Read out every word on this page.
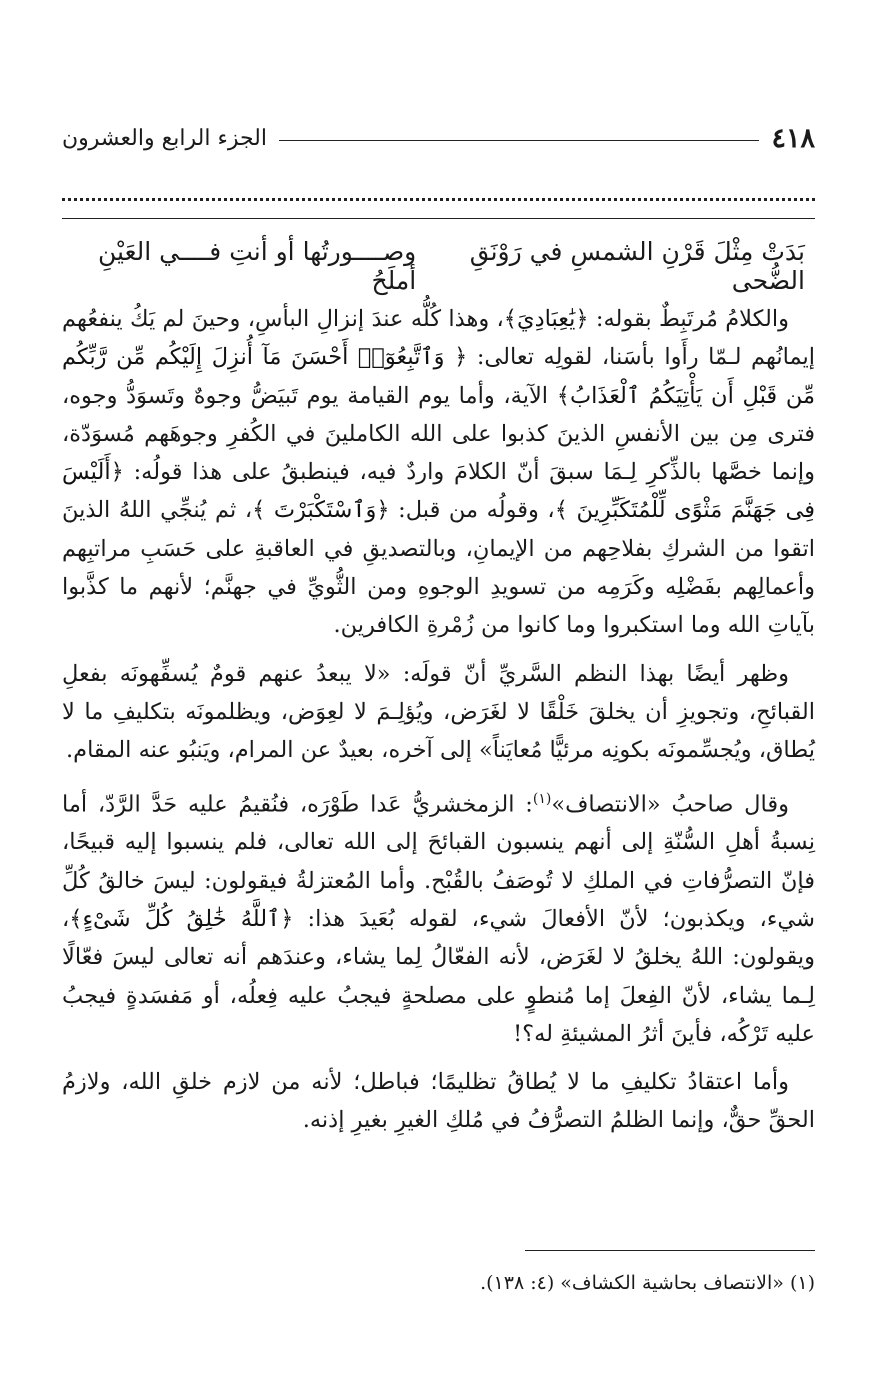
٤١٨
الجزء الرابع والعشرون
بَدَتْ مِثْلَ قَرْنِ الشمسِ في رَوْنَقِ الضُّحى
وصــــورتُها أو أنتِ فــــي العَيْنِ أملَحُ

والكلامُ مُرتَبِطٌ بقوله: ﴿يَٰعِبَادِيَ﴾، وهذا كُلُّه عندَ إنزالِ البأسِ، وحينَ لم يَكُ ينفعُهم إيمانُهم لـمّا رأَوا بأسَنا، لقولِه تعالى: ﴿ وَٱتَّبِعُوٓا۟ أَحْسَنَ مَآ أُنزِلَ إِلَيْكُم مِّن رَّبِّكُم مِّن قَبْلِ أَن يَأْتِيَكُمُ ٱلْعَذَابُ﴾ الآية، وأما يوم القيامة يوم تَبيَضُّ وجوهٌ وتَسوَدُّ وجوه، فترى مِن بين الأنفسِ الذينَ كذبوا على الله الكاملينَ في الكُفرِ وجوهَهم مُسوَدّة، وإنما خصَّها بالذِّكرِ لِـمَا سبقَ أنّ الكلامَ واردٌ فيه، فينطبقُ على هذا قولُه: ﴿أَلَيْسَ فِى جَهَنَّمَ مَثْوًى لِّلْمُتَكَبِّرِينَ ﴾، وقولُه من قبل: ﴿وَٱسْتَكْبَرْتَ ﴾، ثم يُنجِّي اللهُ الذينَ اتقوا من الشركِ بفلاحِهم من الإيمانِ، وبالتصديقِ في العاقبةِ على حَسَبِ مراتبِهم وأعمالِهم بفَضْلِه وكَرَمِه من تسويدِ الوجوهِ ومن الثُّويِّ في جهنَّم؛ لأنهم ما كذَّبوا بآياتِ الله وما استكبروا وما كانوا من زُمْرةِ الكافرين.

وظهر أيضًا بهذا النظم السَّريِّ أنّ قولَه: «لا يبعدُ عنهم قومٌ يُسفِّهونَه بفعلِ القبائحِ، وتجويزِ أن يخلقَ خَلْقًا لا لغَرَض، ويُؤلِـمَ لا لعِوَض، ويظلمونَه بتكليفِ ما لا يُطاق، ويُجسِّمونَه بكونِه مرئيًّا مُعايَناً» إلى آخره، بعيدٌ عن المرام، ويَنبُو عنه المقام.

وقال صاحبُ «الانتصاف»$^{(١)}$: الزمخشريُّ عَدا طَوْرَه، فنُقيمُ عليه حَدَّ الرَّدّ، أما نِسبةُ أهلِ السُّنّةِ إلى أنهم ينسبون القبائحَ إلى الله تعالى، فلم ينسبوا إليه قبيحًا، فإنّ التصرُّفاتِ في الملكِ لا تُوصَفُ بالقُبْح. وأما المُعتزلةُ فيقولون: ليسَ خالقُ كُلِّ شيء، ويكذبون؛ لأنّ الأفعالَ شيء، لقوله بُعَيدَ هذا: ﴿ٱللَّهُ خَٰلِقُ كُلِّ شَىْءٍ﴾، ويقولون: اللهُ يخلقُ لا لغَرَض، لأنه الفعّالُ لِما يشاء، وعندَهم أنه تعالى ليسَ فعّالًا لِـما يشاء، لأنّ الفِعلَ إما مُنطوٍ على مصلحةٍ فيجبُ عليه فِعلُه، أو مَفسَدةٍ فيجبُ عليه تَرْكُه، فأينَ أثرُ المشيئةِ له؟!

وأما اعتقادُ تكليفِ ما لا يُطاقُ تظليمًا؛ فباطل؛ لأنه من لازم خلقِ الله، ولازمُ الحقِّ حقٌّ، وإنما الظلمُ التصرُّفُ في مُلكِ الغيرِ بغيرِ إذنه.

(١) «الانتصاف بحاشية الكشاف» (٤: ١٣٨).
